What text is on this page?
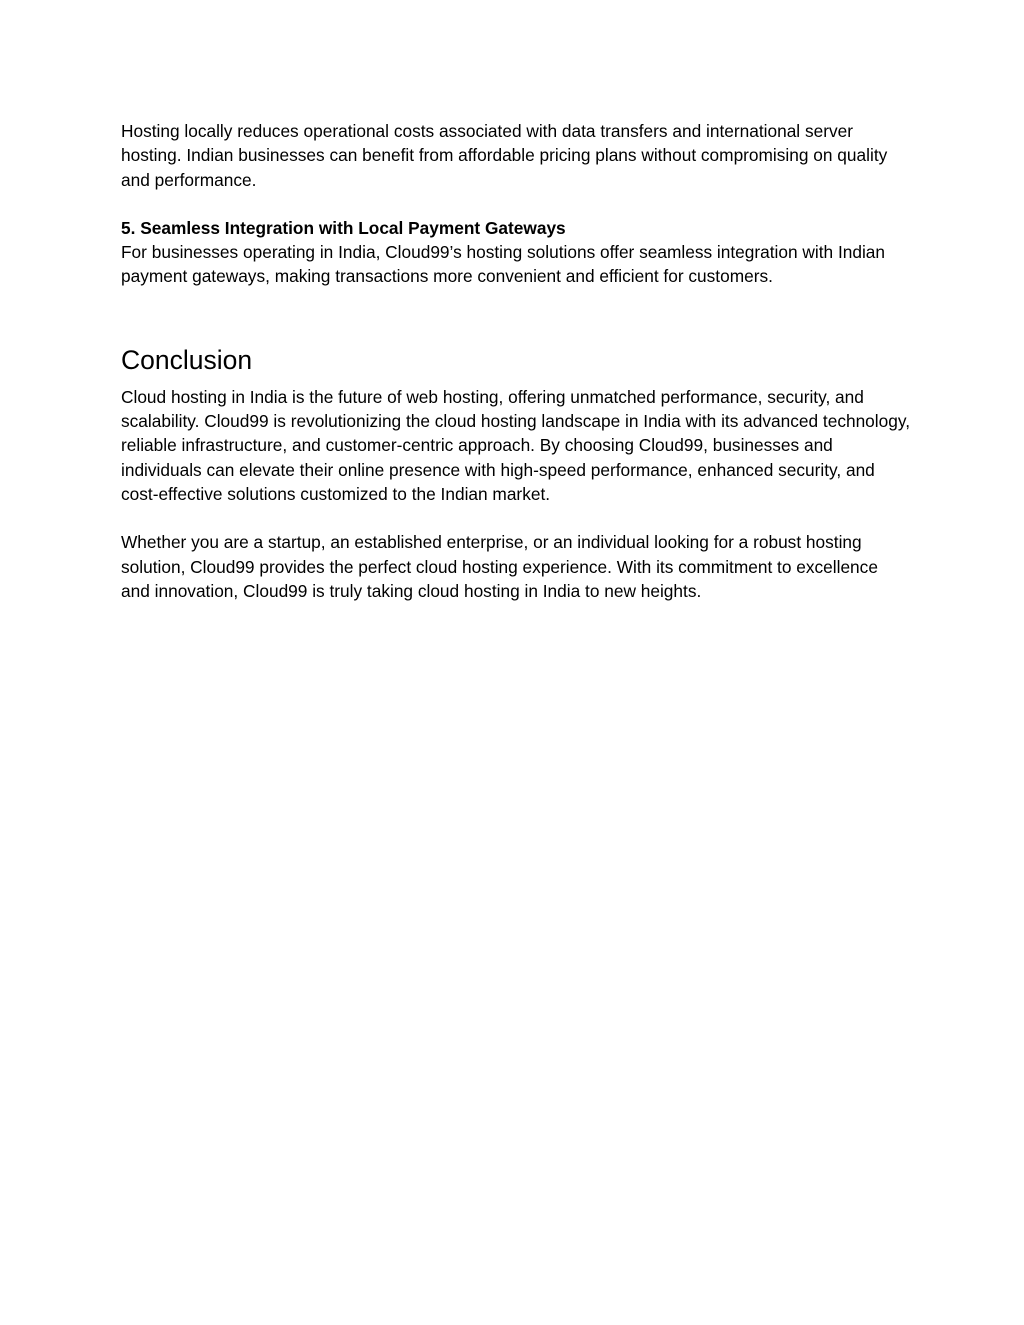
Hosting locally reduces operational costs associated with data transfers and international server hosting. Indian businesses can benefit from affordable pricing plans without compromising on quality and performance.

5. Seamless Integration with Local Payment Gateways

For businesses operating in India, Cloud99’s hosting solutions offer seamless integration with Indian payment gateways, making transactions more convenient and efficient for customers.

Conclusion

Cloud hosting in India is the future of web hosting, offering unmatched performance, security, and scalability. Cloud99 is revolutionizing the cloud hosting landscape in India with its advanced technology, reliable infrastructure, and customer-centric approach. By choosing Cloud99, businesses and individuals can elevate their online presence with high-speed performance, enhanced security, and cost-effective solutions customized to the Indian market.

Whether you are a startup, an established enterprise, or an individual looking for a robust hosting solution, Cloud99 provides the perfect cloud hosting experience. With its commitment to excellence and innovation, Cloud99 is truly taking cloud hosting in India to new heights.
